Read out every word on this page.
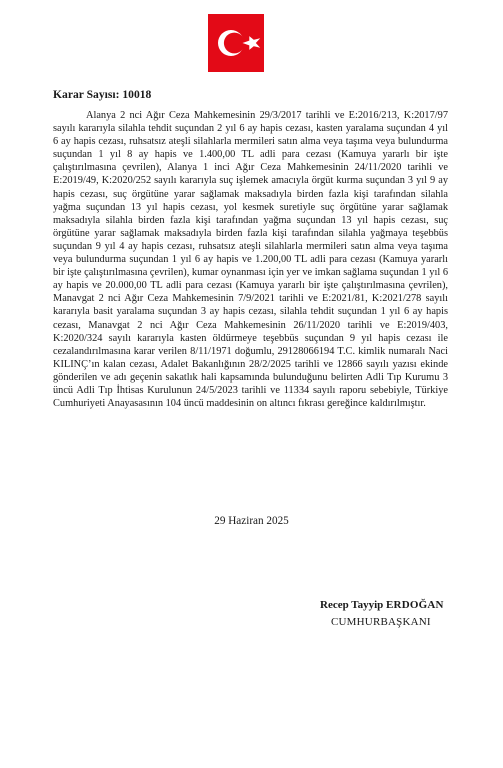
Karar Sayısı: 10018

Alanya 2 nci Ağır Ceza Mahkemesinin 29/3/2017 tarihli ve E:2016/213, K:2017/97 sayılı kararıyla silahla tehdit suçundan 2 yıl 6 ay hapis cezası, kasten yaralama suçundan 4 yıl 6 ay hapis cezası, ruhsatsız ateşli silahlarla mermileri satın alma veya taşıma veya bulundurma suçundan 1 yıl 8 ay hapis ve 1.400,00 TL adli para cezası (Kamuya yararlı bir işte çalıştırılmasına çevrilen), Alanya 1 inci Ağır Ceza Mahkemesinin 24/11/2020 tarihli ve E:2019/49, K:2020/252 sayılı kararıyla suç işlemek amacıyla örgüt kurma suçundan 3 yıl 9 ay hapis cezası, suç örgütüne yarar sağlamak maksadıyla birden fazla kişi tarafından silahla yağma suçundan 13 yıl hapis cezası, yol kesmek suretiyle suç örgütüne yarar sağlamak maksadıyla silahla birden fazla kişi tarafından yağma suçundan 13 yıl hapis cezası, suç örgütüne yarar sağlamak maksadıyla birden fazla kişi tarafından silahla yağmaya teşebbüs suçundan 9 yıl 4 ay hapis cezası, ruhsatsız ateşli silahlarla mermileri satın alma veya taşıma veya bulundurma suçundan 1 yıl 6 ay hapis ve 1.200,00 TL adli para cezası (Kamuya yararlı bir işte çalıştırılmasına çevrilen), kumar oynanması için yer ve imkan sağlama suçundan 1 yıl 6 ay hapis ve 20.000,00 TL adli para cezası (Kamuya yararlı bir işte çalıştırılmasına çevrilen), Manavgat 2 nci Ağır Ceza Mahkemesinin 7/9/2021 tarihli ve E:2021/81, K:2021/278 sayılı kararıyla basit yaralama suçundan 3 ay hapis cezası, silahla tehdit suçundan 1 yıl 6 ay hapis cezası, Manavgat 2 nci Ağır Ceza Mahkemesinin 26/11/2020 tarihli ve E:2019/403, K:2020/324 sayılı kararıyla kasten öldürmeye teşebbüs suçundan 9 yıl hapis cezası ile cezalandırılmasına karar verilen 8/11/1971 doğumlu, 29128066194 T.C. kimlik numaralı Naci KILINÇ’ın kalan cezası, Adalet Bakanlığının 28/2/2025 tarihli ve 12866 sayılı yazısı ekinde gönderilen ve adı geçenin sakatlık hali kapsamında bulunduğunu belirten Adli Tıp Kurumu 3 üncü Adli Tıp İhtisas Kurulunun 24/5/2023 tarihli ve 11334 sayılı raporu sebebiyle, Türkiye Cumhuriyeti Anayasasının 104 üncü maddesinin on altıncı fıkrası gereğince kaldırılmıştır.

29 Haziran 2025
Recep Tayyip ERDOĞAN
CUMHURBAŞKANI
